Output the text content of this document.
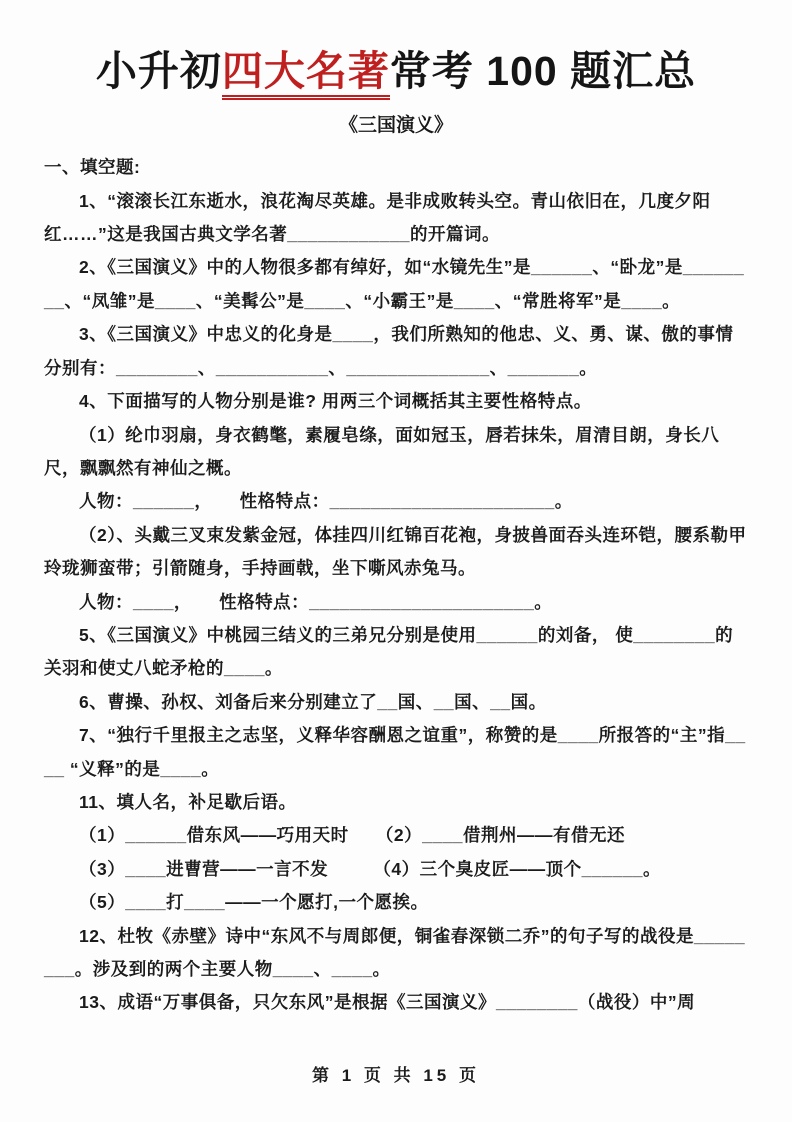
小升初四大名著常考 100 题汇总
《三国演义》

一、填空题:

1、“滚滚长江东逝水，浪花淘尽英雄。是非成败转头空。青山依旧在，几度夕阳红……”这是我国古典文学名著____________的开篇词。

2、《三国演义》中的人物很多都有绰好，如“水镜先生”是______、“卧龙”是________、“凤雏”是____、“美髯公”是____、“小霸王”是____、“常胜将军”是____。

3、《三国演义》中忠义的化身是____，我们所熟知的他忠、义、勇、谋、傲的事情分别有：________、___________、______________、_______。

4、下面描写的人物分别是谁? 用两三个词概括其主要性格特点。

（1）纶巾羽扇，身衣鹤氅，素履皂绦，面如冠玉，唇若抹朱，眉清目朗，身长八尺，飘飘然有神仙之概。

人物：______，　　性格特点：______________________。

（2）、头戴三叉束发紫金冠，体挂四川红锦百花袍，身披兽面吞头连环铠，腰系勒甲玲珑狮蛮带；引箭随身，手持画戟，坐下嘶风赤兔马。

人物：____，　　性格特点：______________________。

5、《三国演义》中桃园三结义的三弟兄分别是使用______的刘备， 使________的关羽和使丈八蛇矛枪的____。

6、曹操、孙权、刘备后来分别建立了__国、__国、__国。

7、“独行千里报主之志坚，义释华容酬恩之谊重”，称赞的是____所报答的“主”指____ “义释”的是____。

11、填人名，补足歇后语。

（1）______借东风——巧用天时　　（2）____借荆州——有借无还

（3）____进曹营——一言不发　　　（4）三个臭皮匠——顶个______。

（5）____打____——一个愿打,一个愿挨。

12、杜牧《赤壁》诗中“东风不与周郎便，铜雀春深锁二乔”的句子写的战役是________。涉及到的两个主要人物____、____。

13、成语“万事俱备，只欠东风”是根据《三国演义》________（战役）中”周

第 1 页 共 15 页
